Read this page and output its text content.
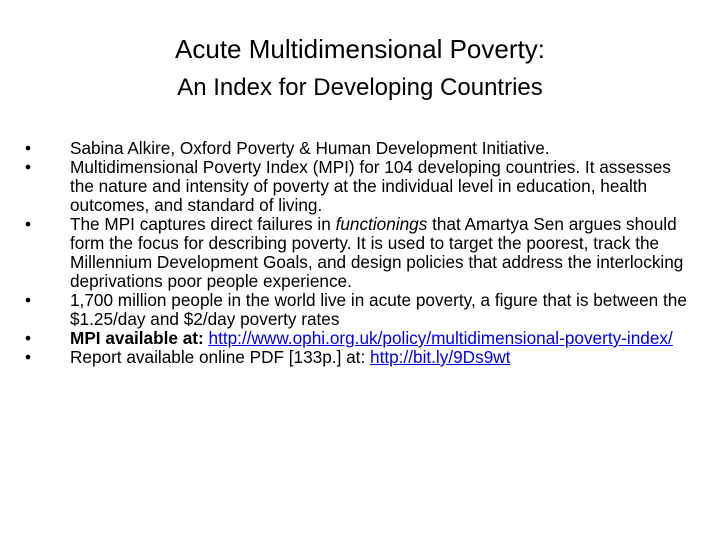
Acute Multidimensional Poverty:
An Index for Developing Countries
•	Sabina Alkire, Oxford Poverty & Human Development Initiative.
•	Multidimensional Poverty Index (MPI) for 104 developing countries. It assesses the nature and intensity of poverty at the individual level in education, health outcomes, and standard of living.
•	The MPI captures direct failures in functionings that Amartya Sen argues should form the focus for describing poverty. It is used to target the poorest, track the Millennium Development Goals, and design policies that address the interlocking deprivations poor people experience.
•	1,700 million people in the world live in acute poverty, a figure that is between the $1.25/day and $2/day poverty rates
•	MPI available at: http://www.ophi.org.uk/policy/multidimensional-poverty-index/
•	Report available online PDF [133p.] at: http://bit.ly/9Ds9wt
